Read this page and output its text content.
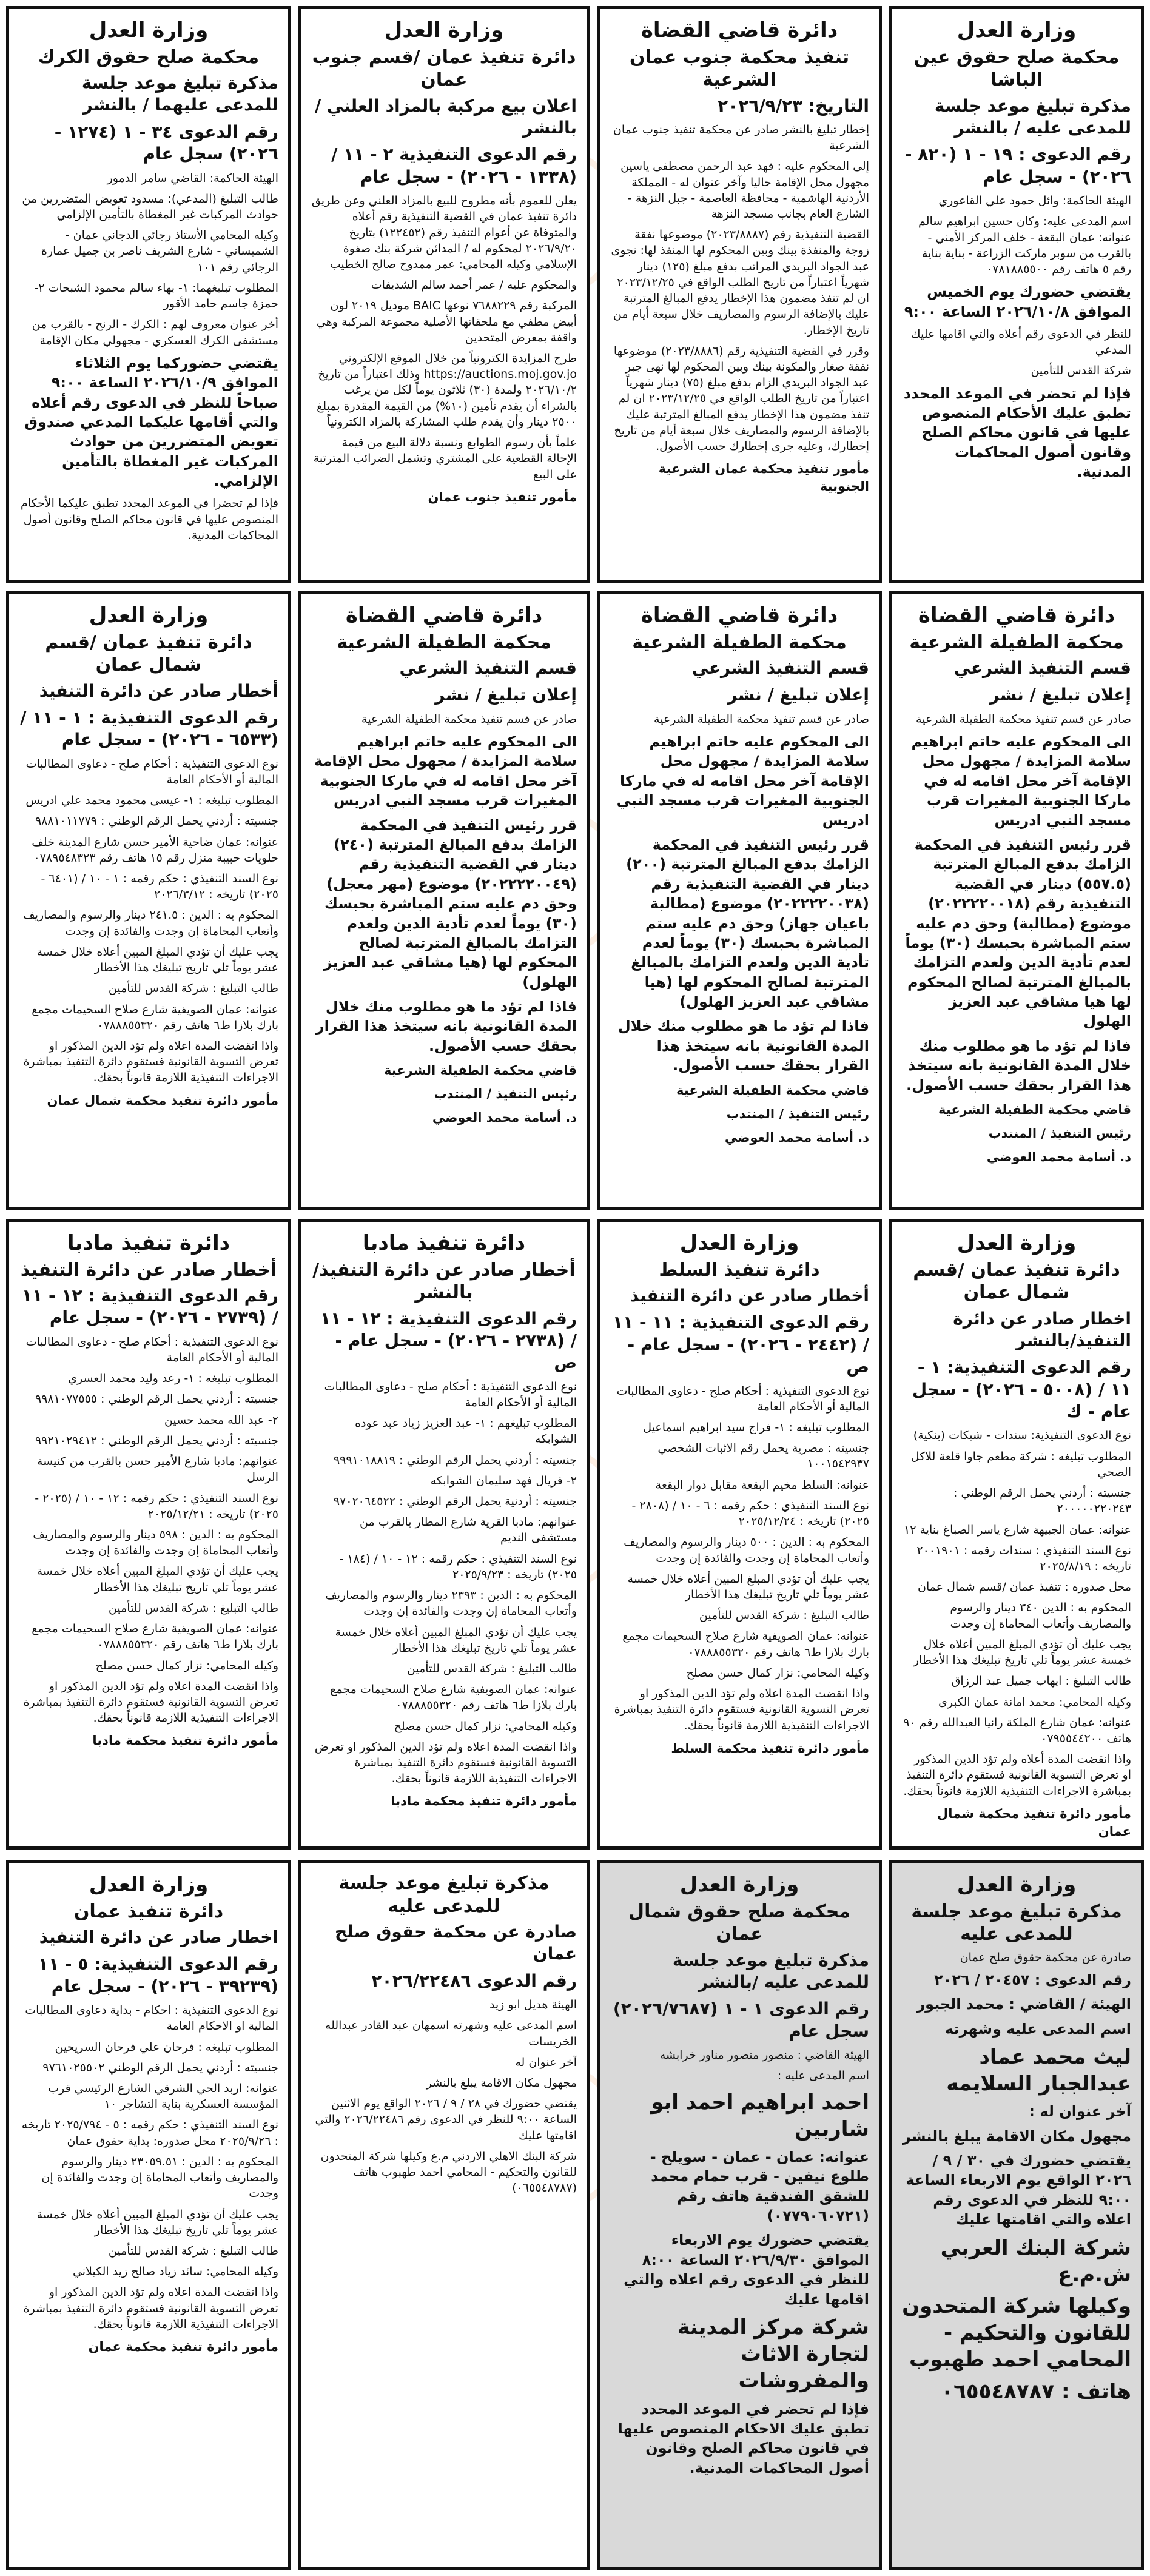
وزارة العدل
محكمة صلح حقوق عين الباشا
مذكرة تبليغ موعد جلسة للمدعى عليه / بالنشر
رقم الدعوى : ١٩ - ١ (٨٢٠ - ٢٠٢٦) - سجل عام
الهيئة الحاكمة: وائل حمود علي القاعوري
اسم المدعى عليه: وكان حسين ابراهيم سالم عنوانه: عمان البقعة - خلف المركز الأمني - بالقرب من سوبر ماركت الزراعة - بناية بناية رقم ٥ هاتف رقم ٠٧٨١٨٨٥٥٠٠
يقتضي حضورك يوم الخميس الموافق ٢٠٢٦/١٠/٨ الساعة ٩:٠٠
للنظر في الدعوى رقم أعلاه والتي اقامها عليك المدعي
شركة القدس للتأمين
فإذا لم تحضر في الموعد المحدد تطبق عليك الأحكام المنصوص عليها في قانون محاكم الصلح وقانون أصول المحاكمات المدنية.
دائرة قاضي القضاة
تنفيذ محكمة جنوب عمان الشرعية
التاريخ: ٢٠٢٦/٩/٢٣
إخطار تبليغ بالنشر صادر عن محكمة تنفيذ جنوب عمان الشرعية
إلى المحكوم عليه : فهد عبد الرحمن مصطفى ياسين مجهول محل الإقامة حاليا وآخر عنوان له - المملكة الأردنية الهاشمية - محافظة العاصمة - جبل النزهة - الشارع العام بجانب مسجد النزهة
القضية التنفيذية رقم (٢٠٢٣/٨٨٨٧) موضوعها نفقة زوجة والمنفذة بينك وبين المحكوم لها المنفذ لها: نجوى عبد الجواد البريدي المراتب بدفع مبلغ (١٢٥) دينار شهرياً اعتباراً من تاريخ الطلب الواقع في ٢٠٢٣/١٢/٢٥ ان لم تنفذ مضمون هذا الإخطار يدفع المبالغ المترتبة عليك بالإضافة الرسوم والمصاريف خلال سبعة أيام من تاريخ الإخطار.
وقرر في القضية التنفيذية رقم (٢٠٢٣/٨٨٨٦) موضوعها نفقة صغار والمكونة بينك وبين المحكوم لها نهى جبر عبد الجواد البريدي الزام بدفع مبلغ (٧٥) دينار شهرياً اعتباراً من تاريخ الطلب الواقع في ٢٠٢٣/١٢/٢٥ ان لم تنفذ مضمون هذا الإخطار يدفع المبالغ المترتبة عليك بالإضافة الرسوم والمصاريف خلال سبعة أيام من تاريخ إخطارك، وعليه جرى إخطارك حسب الأصول.
مأمور تنفيذ محكمة عمان الشرعية الجنوبية
وزارة العدل
دائرة تنفيذ عمان /قسم جنوب عمان
اعلان بيع مركبة بالمزاد العلني / بالنشر
رقم الدعوى التنفيذية ٢ - ١١ / (١٣٣٨ - ٢٠٢٦) - سجل عام
يعلن للعموم بأنه مطروح للبيع بالمزاد العلني وعن طريق دائرة تنفيذ عمان في القضية التنفيذية رقم أعلاه والمتوفاة عن أعوام التنفيذ رقم (١٢٢٤٥٢) بتاريخ ٢٠٢٦/٩/٢٠ لمحكوم له / المدائن شركة بنك صفوة الإسلامي وكيله المحامي: عمر ممدوح صالح الخطيب
والمحكوم عليه / عمر أحمد سالم الشديفات
المركبة رقم ٧٦٨٨٢٢٩ نوعها BAIC موديل ٢٠١٩ لون أبيض مطفي مع ملحقاتها الأصلية مجموعة المركبة وهي واقفة بمعرض المتحدين
طرح المزايدة الكترونياً من خلال الموقع الإلكتروني https://auctions.moj.gov.jo وذلك اعتباراً من تاريخ ٢٠٢٦/١٠/٢ ولمدة (٣٠) ثلاثون يوماً لكل من يرغب بالشراء أن يقدم تأمين (١٠%) من القيمة المقدرة بمبلغ ٢٥٠٠ دينار وأن يقدم طلب المشاركة بالمزاد الكترونياً
علماً بأن رسوم الطوابع ونسبة دلالة البيع من قيمة الإحالة القطعية على المشتري وتشمل الضرائب المترتبة على البيع
مأمور تنفيذ جنوب عمان
وزارة العدل
محكمة صلح حقوق الكرك
مذكرة تبليغ موعد جلسة للمدعى عليهما / بالنشر
رقم الدعوى ٣٤ - ١ (١٢٧٤ - ٢٠٢٦) سجل عام
الهيئة الحاكمة: القاضي سامر الدمور
طالب التبليغ (المدعي): مسدود تعويض المتضررين من حوادث المركبات غير المغطاة بالتأمين الإلزامي
وكيله المحامي الأستاذ رجائي الدجاني عمان - الشميساني - شارع الشريف ناصر بن جميل عمارة الرجائي رقم ١٠١
المطلوب تبليغهما: ١- بهاء سالم محمود الشبحات ٢- حمزة جاسم حامد الأقور
أخر عنوان معروف لهم : الكرك - الرنح - بالقرب من مستشفى الكرك العسكري - مجهولي مكان الإقامة
يقتضي حضوركما يوم الثلاثاء الموافق ٢٠٢٦/١٠/٩ الساعة ٩:٠٠ صباحاً للنظر في الدعوى رقم أعلاه والتي أقامها عليكما المدعي صندوق تعويض المتضررين من حوادث المركبات غير المغطاة بالتأمين الإلزامي.
فإذا لم تحضرا في الموعد المحدد تطبق عليكما الأحكام المنصوص عليها في قانون محاكم الصلح وقانون أصول المحاكمات المدنية.
دائرة قاضي القضاة
محكمة الطفيلة الشرعية
قسم التنفيذ الشرعي
إعلان تبليغ / نشر
صادر عن قسم تنفيذ محكمة الطفيلة الشرعية
الى المحكوم عليه حاتم ابراهيم سلامة المزايدة / مجهول محل الإقامة آخر محل اقامه له في ماركا الجنوبية المغيرات قرب مسجد النبي ادريس
قرر رئيس التنفيذ في المحكمة الزامك بدفع المبالغ المترتبة (٥٥٧.٥) دينار في القضية التنفيذية رقم (٢٠٢٢٢٢٠٠١٨) موضوع (مطالبة) وحق دم عليه ستم المباشرة بحبسك (٣٠) يوماً لعدم تأدية الدين ولعدم التزامك بالمبالغ المترتبة لصالح المحكوم لها هيا مشاقي عبد العزيز الهلول
فاذا لم تؤد ما هو مطلوب منك خلال المدة القانونية بانه سيتخذ هذا القرار بحقك حسب الأصول.
قاضي محكمة الطفيلة الشرعية
رئيس التنفيذ / المنتدب
د. أسامة محمد العوضي
دائرة قاضي القضاة
محكمة الطفيلة الشرعية
قسم التنفيذ الشرعي
إعلان تبليغ / نشر
صادر عن قسم تنفيذ محكمة الطفيلة الشرعية
الى المحكوم عليه حاتم ابراهيم سلامة المزايدة / مجهول محل الإقامة آخر محل اقامه له في ماركا الجنوبية المغيرات قرب مسجد النبي ادريس
قرر رئيس التنفيذ في المحكمة الزامك بدفع المبالغ المترتبة (٢٠٠) دينار في القضية التنفيذية رقم (٢٠٢٢٢٢٠٠٣٨) موضوع (مطالبة باعيان جهاز) وحق دم عليه ستم المباشرة بحبسك (٣٠) يوماً لعدم تأدية الدين ولعدم التزامك بالمبالغ المترتبة لصالح المحكوم لها (هيا مشاقي عبد العزيز الهلول)
فاذا لم تؤد ما هو مطلوب منك خلال المدة القانونية بانه سيتخذ هذا القرار بحقك حسب الأصول.
قاضي محكمة الطفيلة الشرعية
رئيس التنفيذ / المنتدب
د. أسامة محمد العوضي
دائرة قاضي القضاة
محكمة الطفيلة الشرعية
قسم التنفيذ الشرعي
إعلان تبليغ / نشر
صادر عن قسم تنفيذ محكمة الطفيلة الشرعية
الى المحكوم عليه حاتم ابراهيم سلامة المزايدة / مجهول محل الإقامة آخر محل اقامه له في ماركا الجنوبية المغيرات قرب مسجد النبي ادريس
قرر رئيس التنفيذ في المحكمة الزامك بدفع المبالغ المترتبة (٢٤٠) دينار في القضية التنفيذية رقم (٢٠٢٢٢٢٠٠٤٩) موضوع (مهر معجل) وحق دم عليه ستم المباشرة بحبسك (٣٠) يوماً لعدم تأدية الدين ولعدم التزامك بالمبالغ المترتبة لصالح المحكوم لها (هيا مشاقي عبد العزيز الهلول)
فاذا لم تؤد ما هو مطلوب منك خلال المدة القانونية بانه سيتخذ هذا القرار بحقك حسب الأصول.
قاضي محكمة الطفيلة الشرعية
رئيس التنفيذ / المنتدب
د. أسامة محمد العوضي
وزارة العدل
دائرة تنفيذ عمان /قسم شمال عمان
أخطار صادر عن دائرة التنفيذ
رقم الدعوى التنفيذية : ١ - ١١ / (٦٥٣٣ - ٢٠٢٦) - سجل عام
نوع الدعوى التنفيذية : أحكام صلح - دعاوى المطالبات المالية أو الأحكام العامة
المطلوب تبليغه : ١- عيسى محمود محمد علي ادريس
جنسيته : أردني يحمل الرقم الوطني : ٩٨٨١٠١١٧٧٩
عنوانه: عمان ضاحية الأمير حسن شارع المدينة خلف حلويات حبيبة منزل رقم ١٥ هاتف رقم ٠٧٨٩٥٤٨٣٢٣
نوع السند التنفيذي : حكم رقمه : ١ - ١٠ / (٦٤٠١ - ٢٠٢٥) تاريخه : ٢٠٢٦/٣/١٢
المحكوم به : الدين : ٢٤١.٥ دينار والرسوم والمصاريف وأتعاب المحاماة إن وجدت والفائدة إن وجدت
يجب عليك أن تؤدي المبلغ المبين أعلاه خلال خمسة عشر يوماً تلي تاريخ تبليغك هذا الأخطار
طالب التبليغ : شركة القدس للتأمين
عنوانه: عمان الصويفية شارع صلاح السحيمات مجمع بارك بلازا ط٦ هاتف رقم ٠٧٨٨٨٥٥٣٢٠
واذا انقضت المدة اعلاه ولم تؤد الدين المذكور او تعرض التسوية القانونية فستقوم دائرة التنفيذ بمباشرة الاجراءات التنفيذية اللازمة قانوناً بحقك.
مأمور دائرة تنفيذ محكمة شمال عمان
وزارة العدل
دائرة تنفيذ عمان /قسم شمال عمان
اخطار صادر عن دائرة التنفيذ/بالنشر
رقم الدعوى التنفيذية: ١ - ١١ / (٥٠٠٨ - ٢٠٢٦) - سجل عام - ك
نوع الدعوى التنفيذية: سندات - شيكات (بنكية)
المطلوب تبليغه : شركة مطعم جاوا قلعة للاكل الصحي
جنسيته : أردني يحمل الرقم الوطني : ٢٠٠٠٠٠٢٢٠٢٤٣
عنوانه: عمان الجبيهة شارع ياسر الصباغ بناية ١٢
نوع السند التنفيذي : سندات رقمه : ٢٠٠١٩٠١ تاريخه : ٢٠٢٥/٨/١٩
محل صدوره : تنفيذ عمان /قسم شمال عمان
المحكوم به : الدين ٣٤٠ دينار والرسوم والمصاريف وأتعاب المحاماة إن وجدت
يجب عليك أن تؤدي المبلغ المبين أعلاه خلال خمسة عشر يوماً تلي تاريخ تبليغك هذا الأخطار
طالب التبليغ : ايهاب جميل عبد الرزاق
وكيله المحامي: محمد امانة عمان الكبرى
عنوانه: عمان شارع الملكة رانيا العبدالله رقم ٩٠ هاتف ٠٧٩٥٥٤٤٢٠٠
واذا انقضت المدة أعلاه ولم تؤد الدين المذكور او تعرض التسوية القانونية فستقوم دائرة التنفيذ بمباشرة الاجراءات التنفيذية اللازمة قانوناً بحقك.
مأمور دائرة تنفيذ محكمة شمال عمان
وزارة العدل
دائرة تنفيذ السلط
أخطار صادر عن دائرة التنفيذ
رقم الدعوى التنفيذية : ١١ - ١١ / (٢٤٤٢ - ٢٠٢٦) - سجل عام - ص
نوع الدعوى التنفيذية : أحكام صلح - دعاوى المطالبات المالية أو الأحكام العامة
المطلوب تبليغه : ١- فراج سيد ابراهيم اسماعيل
جنسيته : مصرية يحمل رقم الاثبات الشخصي ١٠٠١٥٤٢٩٣٧
عنوانه: السلط مخيم البقعة مقابل دوار البقعة
نوع السند التنفيذي : حكم رقمه : ٦ - ١٠ / (٢٨٠٨ - ٢٠٢٥) تاريخه : ٢٠٢٥/١٢/٢٤
المحكوم به : الدين : ٥٠٠ دينار والرسوم والمصاريف وأتعاب المحاماة إن وجدت والفائدة إن وجدت
يجب عليك أن تؤدي المبلغ المبين أعلاه خلال خمسة عشر يوماً تلي تاريخ تبليغك هذا الأخطار
طالب التبليغ : شركة القدس للتأمين
عنوانه: عمان الصويفية شارع صلاح السحيمات مجمع بارك بلازا ط٦ هاتف رقم ٠٧٨٨٨٥٥٣٢٠
وكيله المحامي: نزار كمال حسن مصلح
واذا انقضت المدة اعلاه ولم تؤد الدين المذكور او تعرض التسوية القانونية فستقوم دائرة التنفيذ بمباشرة الاجراءات التنفيذية اللازمة قانوناً بحقك.
مأمور دائرة تنفيذ محكمة السلط
دائرة تنفيذ مادبا
أخطار صادر عن دائرة التنفيذ/بالنشر
رقم الدعوى التنفيذية : ١٢ - ١١ / (٢٧٣٨ - ٢٠٢٦) - سجل عام - ص
نوع الدعوى التنفيذية : أحكام صلح - دعاوى المطالبات المالية أو الأحكام العامة
المطلوب تبليغهم : ١- عبد العزيز زياد عبد عوده الشوابكه
جنسيته : أردني يحمل الرقم الوطني : ٩٩٩١٠١٨٨١٩
٢- فريال فهد سليمان الشوابكه
جنسيته : أردنية يحمل الرقم الوطني : ٩٧٠٢٠٦٤٥٢٢
عنوانهم: مادبا القرية شارع المطار بالقرب من مستشفى النديم
نوع السند التنفيذي : حكم رقمه : ١٢ - ١٠ / (١٨٤ - ٢٠٢٥) تاريخه : ٢٠٢٥/٩/٢٣
المحكوم به : الدين : ٢٣٩٣ دينار والرسوم والمصاريف وأتعاب المحاماة إن وجدت والفائدة إن وجدت
يجب عليك أن تؤدي المبلغ المبين أعلاه خلال خمسة عشر يوماً تلي تاريخ تبليغك هذا الأخطار
طالب التبليغ : شركة القدس للتأمين
عنوانه: عمان الصويفية شارع صلاح السحيمات مجمع بارك بلازا ط٦ هاتف رقم ٠٧٨٨٨٥٥٣٢٠
وكيله المحامي: نزار كمال حسن مصلح
واذا انقضت المدة اعلاه ولم تؤد الدين المذكور او تعرض التسوية القانونية فستقوم دائرة التنفيذ بمباشرة الاجراءات التنفيذية اللازمة قانوناً بحقك.
مأمور دائرة تنفيذ محكمة مادبا
دائرة تنفيذ مادبا
أخطار صادر عن دائرة التنفيذ
رقم الدعوى التنفيذية : ١٢ - ١١ / (٢٧٣٩ - ٢٠٢٦) - سجل عام
نوع الدعوى التنفيذية : أحكام صلح - دعاوى المطالبات المالية أو الأحكام العامة
المطلوب تبليغه : ١- رعد وليد محمد العسري
جنسيته : أردني يحمل الرقم الوطني : ٩٩٨١٠٧٧٥٥٥
٢- عبد الله محمد حسين
جنسيته : أردني يحمل الرقم الوطني : ٩٩٢١٠٢٩٤١٢
عنوانهم: مادبا شارع الأمير حسن بالقرب من كنيسة الرسل
نوع السند التنفيذي : حكم رقمه : ١٢ - ١٠ / (٢٠٢٥ - ٢٠٢٥) تاريخه : ٢٠٢٥/١٢/٢١
المحكوم به : الدين : ٥٩٨ دينار والرسوم والمصاريف وأتعاب المحاماة إن وجدت والفائدة إن وجدت
يجب عليك أن تؤدي المبلغ المبين أعلاه خلال خمسة عشر يوماً تلي تاريخ تبليغك هذا الأخطار
طالب التبليغ : شركة القدس للتأمين
عنوانه: عمان الصويفية شارع صلاح السحيمات مجمع بارك بلازا ط٦ هاتف رقم ٠٧٨٨٨٥٥٣٢٠
وكيله المحامي: نزار كمال حسن مصلح
واذا انقضت المدة اعلاه ولم تؤد الدين المذكور او تعرض التسوية القانونية فستقوم دائرة التنفيذ بمباشرة الاجراءات التنفيذية اللازمة قانوناً بحقك.
مأمور دائرة تنفيذ محكمة مادبا
وزارة العدل
مذكرة تبليغ موعد جلسة للمدعى عليه
صادرة عن محكمة حقوق صلح عمان
رقم الدعوى : ٢٠٤٥٧ / ٢٠٢٦
الهيئة / القاضي : محمد الجبور
اسم المدعى عليه وشهرته
ليث محمد عماد عبدالجبار السلايمه
آخر عنوان له :
مجهول مكان الاقامة يبلغ بالنشر
يقتضي حضورك في ٣٠ / ٩ / ٢٠٢٦ الواقع يوم الاربعاء الساعة ٩:٠٠ للنظر في الدعوى رقم اعلاه والتي اقامتها عليك
شركة البنك العربي ش.م.ع
وكيلها شركة المتحدون للقانون والتحكيم - المحامي احمد طهبوب
هاتف : ٠٦٥٥٤٨٧٨٧
وزارة العدل
محكمة صلح حقوق شمال عمان
مذكرة تبليغ موعد جلسة للمدعى عليه /بالنشر
رقم الدعوى ١ - ١ (٢٠٢٦/٧٦٨٧) سجل عام
الهيئة القاضي : منصور منصور مناور خرابشه
اسم المدعى عليه :
احمد ابراهيم احمد ابو شاربين
عنوانه: عمان - عمان - سويلح - طلوع نيفين - قرب حمام محمد للشقق الفندقية هاتف رقم (٠٧٧٩٠٦٠٧٢١)
يقتضي حضورك يوم الاربعاء الموافق ٢٠٢٦/٩/٣٠ الساعة ٨:٠٠ للنظر في الدعوى رقم اعلاه والتي اقامها عليك
شركة مركز المدينة لتجارة الاثاث والمفروشات
فإذا لم تحضر في الموعد المحدد تطبق عليك الاحكام المنصوص عليها في قانون محاكم الصلح وقانون أصول المحاكمات المدنية.
مذكرة تبليغ موعد جلسة للمدعى عليه
صادرة عن محكمة حقوق صلح عمان
رقم الدعوى ٢٠٢٦/٢٢٤٨٦
الهيئة هديل ابو زيد
اسم المدعى عليه وشهرته اسمهان عبد القادر عبدالله الخريسات
آخر عنوان له
مجهول مكان الاقامة يبلغ بالنشر
يقتضي حضورك في ٢٨ / ٩ / ٢٠٢٦ الواقع يوم الاثنين الساعة ٩:٠٠ للنظر في الدعوى رقم ٢٠٢٦/٢٢٤٨٦ والتي اقامتها عليك
شركة البنك الاهلي الاردني م.ع وكيلها شركة المتحدون للقانون والتحكيم - المحامي احمد طهبوب هاتف (٠٦٥٥٤٨٧٨٧)
وزارة العدل
دائرة تنفيذ عمان
اخطار صادر عن دائرة التنفيذ
رقم الدعوى التنفيذية: ٥ - ١١ (٣٩٢٣٩ - ٢٠٢٦) - سجل عام
نوع الدعوى التنفيذية : احكام - بداية دعاوى المطالبات المالية او الاحكام العامة
المطلوب تبليغه : فرحان علي فرحان السريحين
جنسيته : أردني يحمل الرقم الوطني ٩٧٦١٠٢٥٥٠٢
عنوانه: اربد الحي الشرقي الشارع الرئيسي قرب المؤسسة العسكرية بناية التشاجر ١٠
نوع السند التنفيذي : حكم رقمه : ٥ - ٢٠٢٥/٧٩٤ تاريخه : ٢٠٢٥/٩/٢٦ محل صدوره: بداية حقوق عمان
المحكوم به : الدين : ٢٣٠٥٩.٥١ دينار والرسوم والمصاريف وأتعاب المحاماة إن وجدت والفائدة إن وجدت
يجب عليك أن تؤدي المبلغ المبين أعلاه خلال خمسة عشر يوماً تلي تاريخ تبليغك هذا الأخطار
طالب التبليغ : شركة القدس للتأمين
وكيله المحامي: سائد زياد صالح زيد الكيلاني
واذا انقضت المدة اعلاه ولم تؤد الدين المذكور او تعرض التسوية القانونية فستقوم دائرة التنفيذ بمباشرة الاجراءات التنفيذية اللازمة قانوناً بحقك.
مأمور دائرة تنفيذ محكمة عمان
